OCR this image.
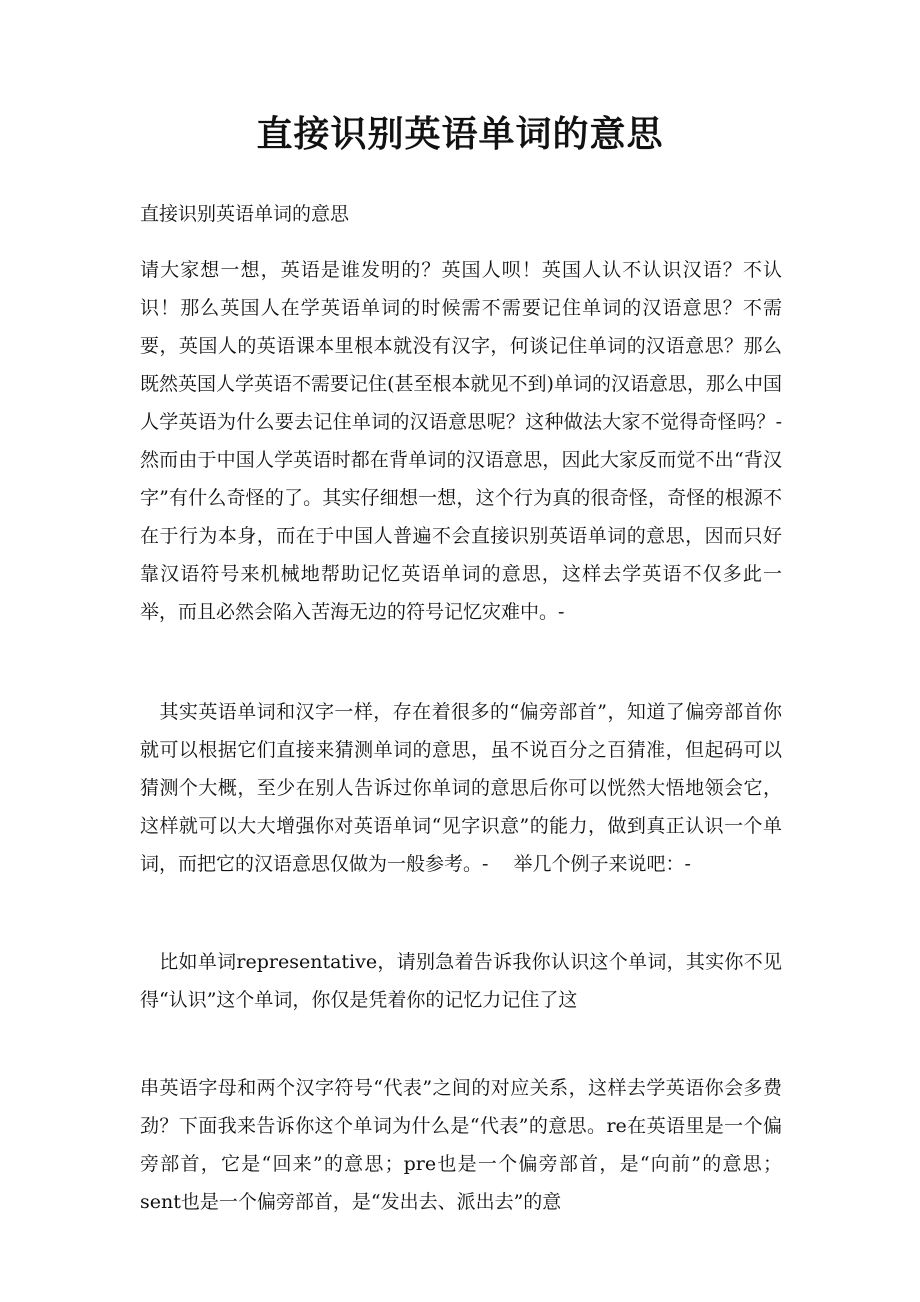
直接识别英语单词的意思

直接识别英语单词的意思

请大家想一想，英语是谁发明的？英国人呗！英国人认不认识汉语？不认识！那么英国人在学英语单词的时候需不需要记住单词的汉语意思？不需要，英国人的英语课本里根本就没有汉字，何谈记住单词的汉语意思？那么既然英国人学英语不需要记住(甚至根本就见不到)单词的汉语意思，那么中国人学英语为什么要去记住单词的汉语意思呢？这种做法大家不觉得奇怪吗？-　 然而由于中国人学英语时都在背单词的汉语意思，因此大家反而觉不出“背汉字”有什么奇怪的了。其实仔细想一想，这个行为真的很奇怪，奇怪的根源不在于行为本身，而在于中国人普遍不会直接识别英语单词的意思，因而只好靠汉语符号来机械地帮助记忆英语单词的意思，这样去学英语不仅多此一举，而且必然会陷入苦海无边的符号记忆灾难中。-

　其实英语单词和汉字一样，存在着很多的“偏旁部首”，知道了偏旁部首你就可以根据它们直接来猜测单词的意思，虽不说百分之百猜准，但起码可以猜测个大概，至少在别人告诉过你单词的意思后你可以恍然大悟地领会它，这样就可以大大增强你对英语单词“见字识意”的能力，做到真正认识一个单词，而把它的汉语意思仅做为一般参考。-　 举几个例子来说吧：-

　比如单词representative，请别急着告诉我你认识这个单词，其实你不见得“认识”这个单词，你仅是凭着你的记忆力记住了这

串英语字母和两个汉字符号“代表”之间的对应关系，这样去学英语你会多费劲？下面我来告诉你这个单词为什么是“代表”的意思。re在英语里是一个偏旁部首，它是“回来”的意思；pre也是一个偏旁部首，是“向前”的意思；sent也是一个偏旁部首，是“发出去、派出去”的意
